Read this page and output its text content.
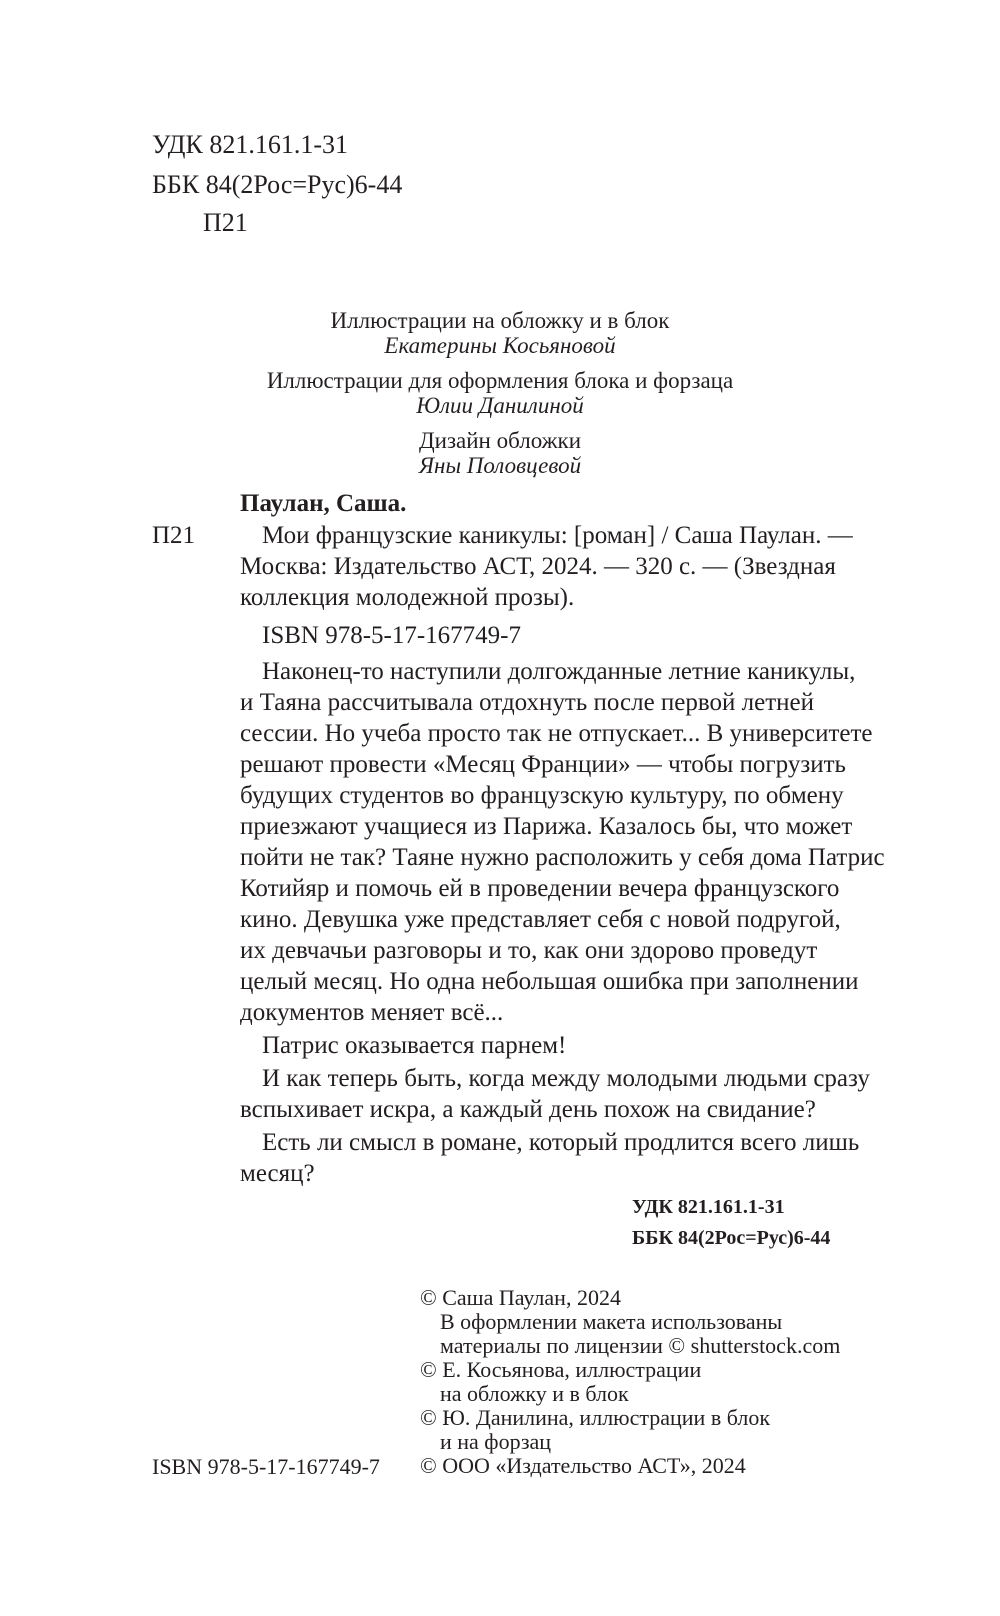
УДК 821.161.1-31
ББК 84(2Рос=Рус)6-44
П21
Иллюстрации на обложку и в блок
Екатерины Косьяновой
Иллюстрации для оформления блока и форзаца
Юлии Данилиной
Дизайн обложки
Яны Половцевой
Паулан, Саша.
П21	Мои французские каникулы: [роман] / Саша Паулан. —
Москва: Издательство АСТ, 2024. — 320 с. — (Звездная
коллекция молодежной прозы).
ISBN 978-5-17-167749-7
Наконец-то наступили долгожданные летние каникулы,
и Таяна рассчитывала отдохнуть после первой летней
сессии. Но учеба просто так не отпускает... В университете
решают провести «Месяц Франции» — чтобы погрузить
будущих студентов во французскую культуру, по обмену
приезжают учащиеся из Парижа. Казалось бы, что может
пойти не так? Таяне нужно расположить у себя дома Патрис
Котийяр и помочь ей в проведении вечера французского
кино. Девушка уже представляет себя с новой подругой,
их девчачьи разговоры и то, как они здорово проведут
целый месяц. Но одна небольшая ошибка при заполнении
документов меняет всё...
Патрис оказывается парнем!
И как теперь быть, когда между молодыми людьми сразу
вспыхивает искра, а каждый день похож на свидание?
Есть ли смысл в романе, который продлится всего лишь
месяц?
УДК 821.161.1-31
ББК 84(2Рос=Рус)6-44
© Саша Паулан, 2024
В оформлении макета использованы
материалы по лицензии © shutterstock.com
© Е. Косьянова, иллюстрации
на обложку и в блок
© Ю. Данилина, иллюстрации в блок
и на форзац
© ООО «Издательство АСТ», 2024
ISBN 978-5-17-167749-7
